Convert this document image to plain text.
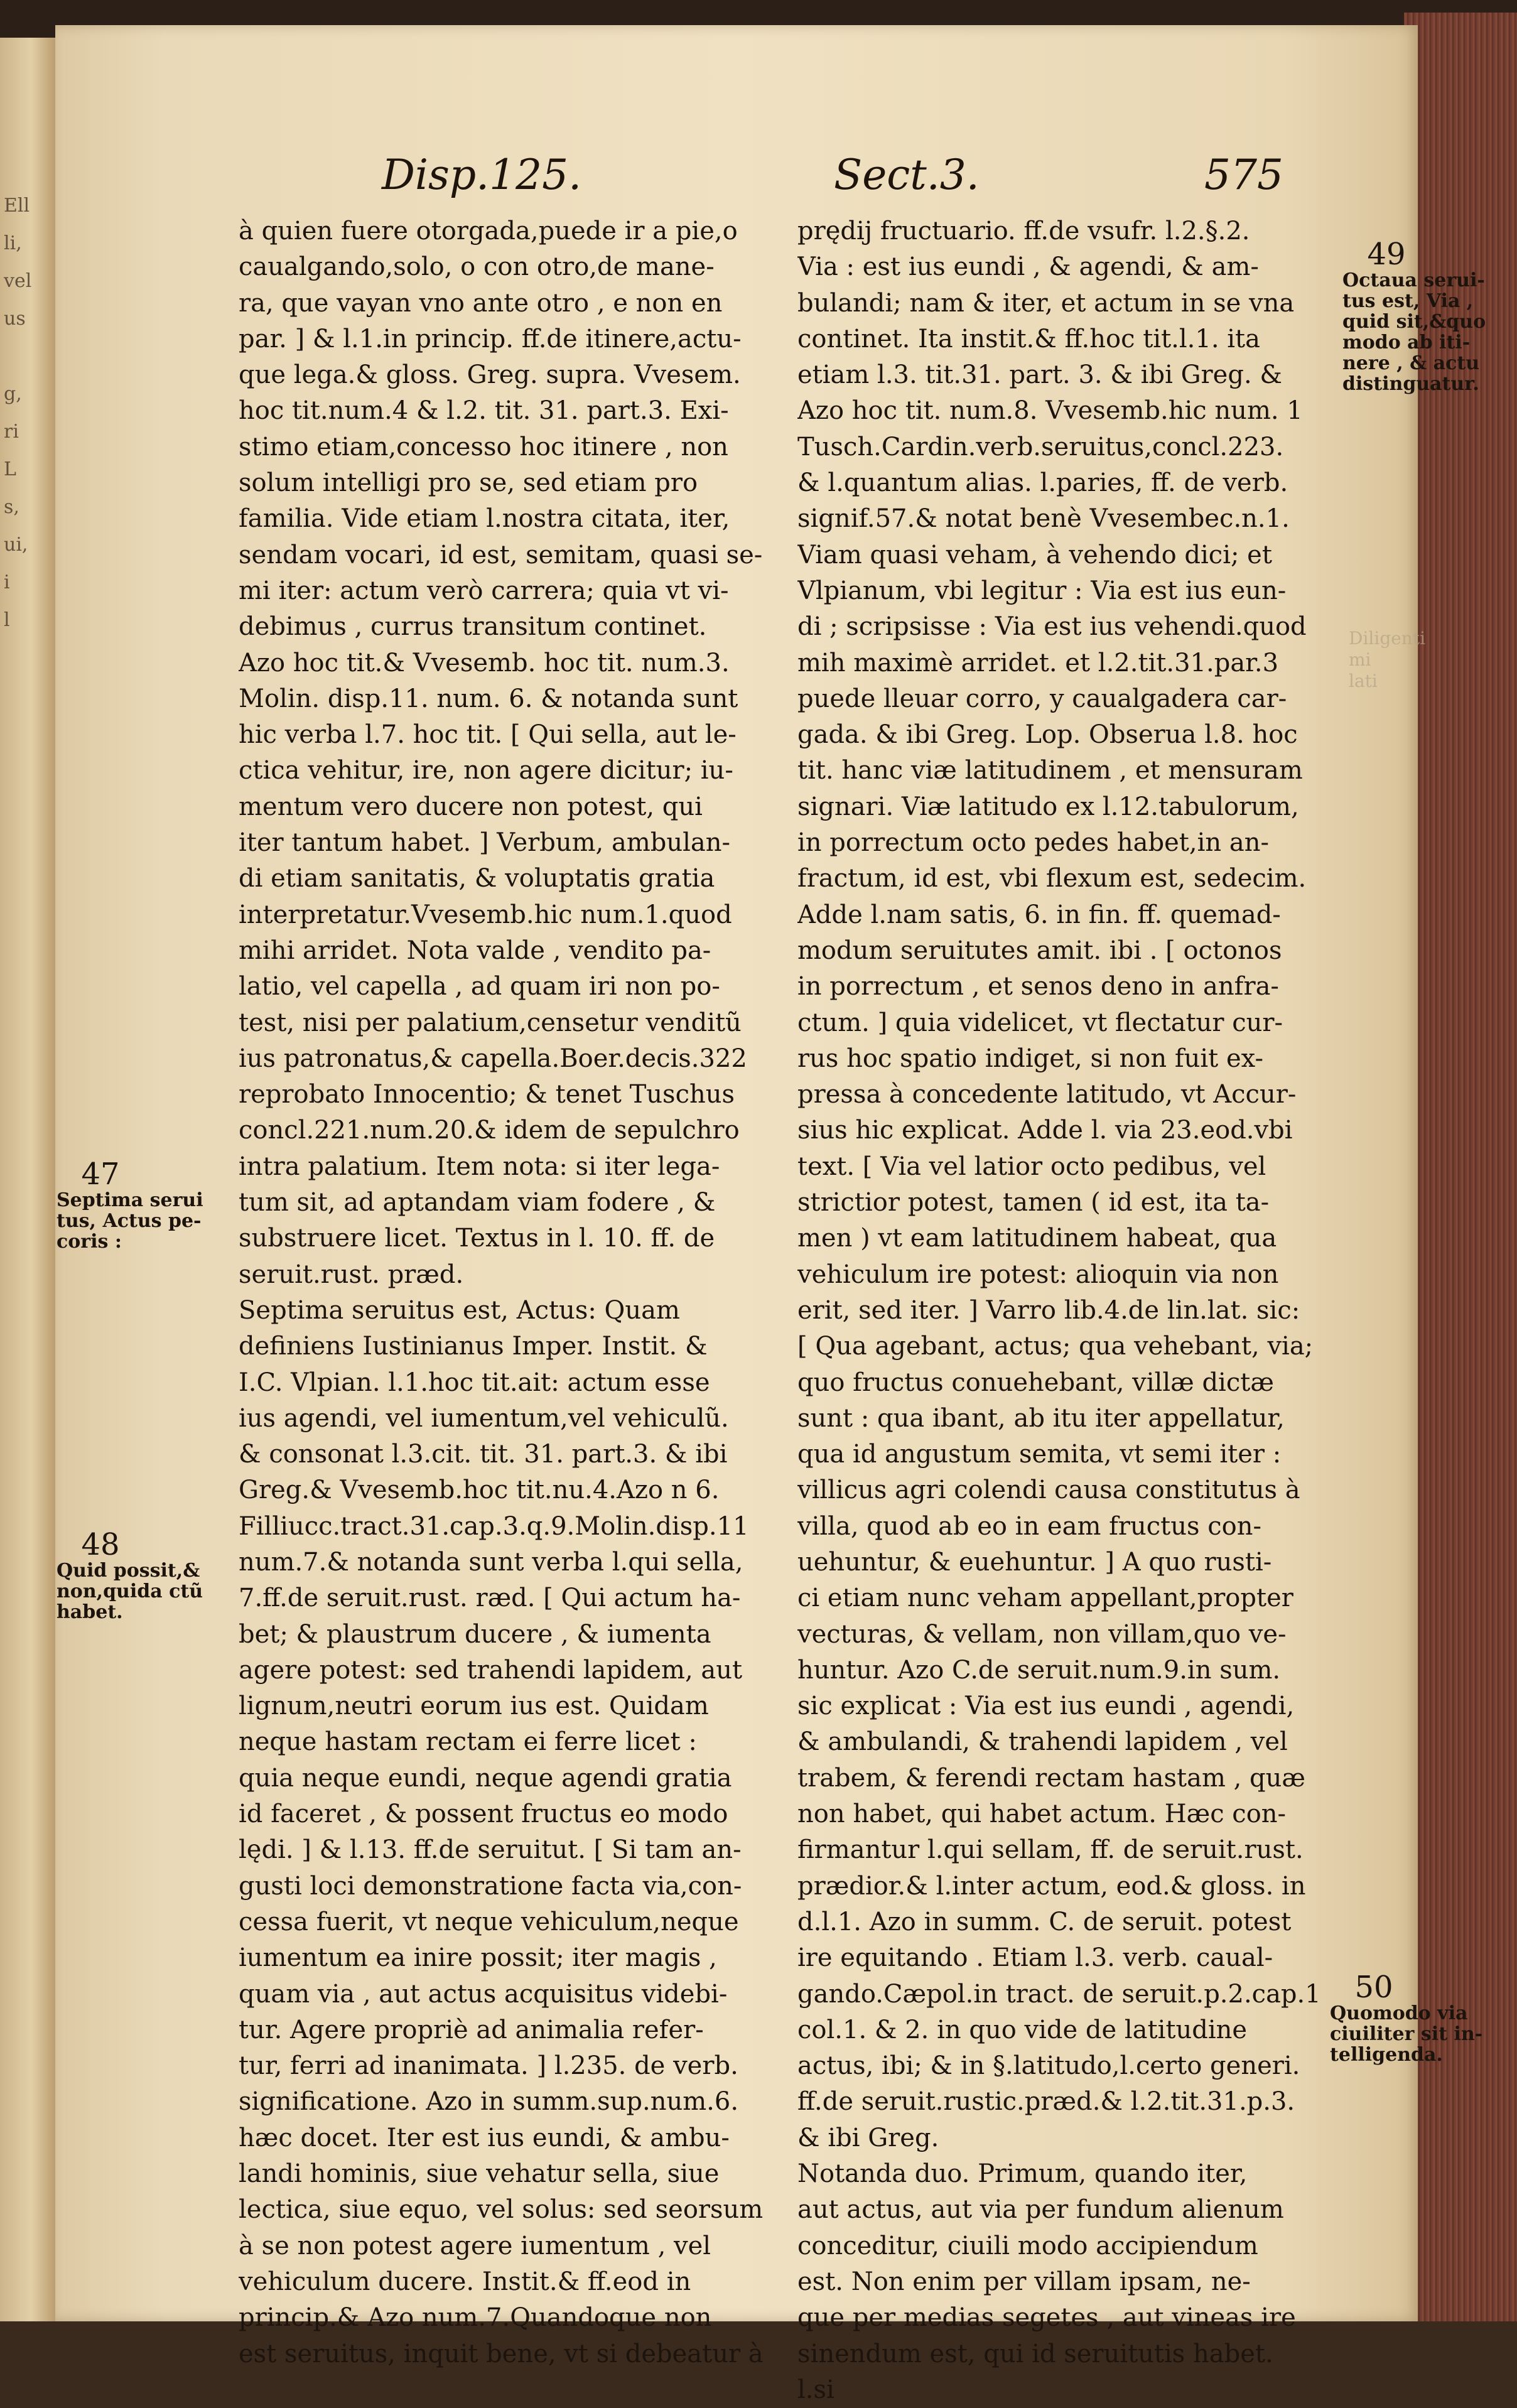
Ell
li,
vel
us
g,
ri
L
s,
ui,
i
l
Disp.125.	Sect.3.	575
à quien fuere otorgada,puede ir a pie,o
caualgando,solo, o con otro,de mane-
ra, que vayan vno ante otro , e non en
par. ] & l.1.in princip. ff.de itinere,actu-
que lega.& gloss. Greg. supra. Vvesem.
hoc tit.num.4 & l.2. tit. 31. part.3. Exi-
stimo etiam,concesso hoc itinere , non
solum intelligi pro se, sed etiam pro
familia. Vide etiam l.nostra citata, iter,
sendam vocari, id est, semitam, quasi se-
mi iter: actum verò carrera; quia vt vi-
debimus , currus transitum continet.
Azo hoc tit.& Vvesemb. hoc tit. num.3.
Molin. disp.11. num. 6. & notanda sunt
hic verba l.7. hoc tit. [ Qui sella, aut le-
ctica vehitur, ire, non agere dicitur; iu-
mentum vero ducere non potest, qui
iter tantum habet. ] Verbum, ambulan-
di etiam sanitatis, & voluptatis gratia
interpretatur.Vvesemb.hic num.1.quod
mihi arridet. Nota valde , vendito pa-
latio, vel capella , ad quam iri non po-
test, nisi per palatium,censetur venditũ
ius patronatus,& capella.Boer.decis.322
reprobato Innocentio; & tenet Tuschus
concl.221.num.20.& idem de sepulchro
intra palatium. Item nota: si iter lega-
tum sit, ad aptandam viam fodere , &
substruere licet. Textus in l. 10. ff. de
seruit.rust. præd.
Septima seruitus est, Actus: Quam
definiens Iustinianus Imper. Instit. &
I.C. Vlpian. l.1.hoc tit.ait: actum esse
ius agendi, vel iumentum,vel vehiculũ.
& consonat l.3.cit. tit. 31. part.3. & ibi
Greg.& Vvesemb.hoc tit.nu.4.Azo n 6.
Filliucc.tract.31.cap.3.q.9.Molin.disp.11
num.7.& notanda sunt verba l.qui sella,
7.ff.de seruit.rust. ræd. [ Qui actum ha-
bet; & plaustrum ducere , & iumenta
agere potest: sed trahendi lapidem, aut
lignum,neutri eorum ius est. Quidam
neque hastam rectam ei ferre licet :
quia neque eundi, neque agendi gratia
id faceret , & possent fructus eo modo
lędi. ] & l.13. ff.de seruitut. [ Si tam an-
gusti loci demonstratione facta via,con-
cessa fuerit, vt neque vehiculum,neque
iumentum ea inire possit; iter magis ,
quam via , aut actus acquisitus videbi-
tur. Agere propriè ad animalia refer-
tur, ferri ad inanimata. ] l.235. de verb.
significatione. Azo in summ.sup.num.6.
hæc docet. Iter est ius eundi, & ambu-
landi hominis, siue vehatur sella, siue
lectica, siue equo, vel solus: sed seorsum
à se non potest agere iumentum , vel
vehiculum ducere. Instit.& ff.eod in
princip.& Azo num.7.Quandoque non
est seruitus, inquit bene, vt si debeatur à
prędij fructuario. ff.de vsufr. l.2.§.2.
Via : est ius eundi , & agendi, & am-
bulandi; nam & iter, et actum in se vna
continet. Ita instit.& ff.hoc tit.l.1. ita
etiam l.3. tit.31. part. 3. & ibi Greg. &
Azo hoc tit. num.8. Vvesemb.hic num. 1
Tusch.Cardin.verb.seruitus,concl.223.
& l.quantum alias. l.paries, ff. de verb.
signif.57.& notat benè Vvesembec.n.1.
Viam quasi veham, à vehendo dici; et
Vlpianum, vbi legitur : Via est ius eun-
di ; scripsisse : Via est ius vehendi.quod
mih maximè arridet. et l.2.tit.31.par.3
puede lleuar corro, y caualgadera car-
gada. & ibi Greg. Lop. Obserua l.8. hoc
tit. hanc viæ latitudinem , et mensuram
signari. Viæ latitudo ex l.12.tabulorum,
in porrectum octo pedes habet,in an-
fractum, id est, vbi flexum est, sedecim.
Adde l.nam satis, 6. in fin. ff. quemad-
modum seruitutes amit. ibi . [ octonos
in porrectum , et senos deno in anfra-
ctum. ] quia videlicet, vt flectatur cur-
rus hoc spatio indiget, si non fuit ex-
pressa à concedente latitudo, vt Accur-
sius hic explicat. Adde l. via 23.eod.vbi
text. [ Via vel latior octo pedibus, vel
strictior potest, tamen ( id est, ita ta-
men ) vt eam latitudinem habeat, qua
vehiculum ire potest: alioquin via non
erit, sed iter. ] Varro lib.4.de lin.lat. sic:
[ Qua agebant, actus; qua vehebant, via;
quo fructus conuehebant, villæ dictæ
sunt : qua ibant, ab itu iter appellatur,
qua id angustum semita, vt semi iter :
villicus agri colendi causa constitutus à
villa, quod ab eo in eam fructus con-
uehuntur, & euehuntur. ] A quo rusti-
ci etiam nunc veham appellant,propter
vecturas, & vellam, non villam,quo ve-
huntur. Azo C.de seruit.num.9.in sum.
sic explicat : Via est ius eundi , agendi,
& ambulandi, & trahendi lapidem , vel
trabem, & ferendi rectam hastam , quæ
non habet, qui habet actum. Hæc con-
firmantur l.qui sellam, ff. de seruit.rust.
prædior.& l.inter actum, eod.& gloss. in
d.l.1. Azo in summ. C. de seruit. potest
ire equitando . Etiam l.3. verb. caual-
gando.Cæpol.in tract. de seruit.p.2.cap.1
col.1. & 2. in quo vide de latitudine
actus, ibi; & in §.latitudo,l.certo generi.
ff.de seruit.rustic.præd.& l.2.tit.31.p.3.
& ibi Greg.
Notanda duo. Primum, quando iter,
aut actus, aut via per fundum alienum
conceditur, ciuili modo accipiendum
est. Non enim per villam ipsam, ne-
que per medias segetes , aut vineas ire
sinendum est, qui id seruitutis habet.
l.si
47
Septima serui
tus, Actus pe-
coris :
48
Quid possit,&
non,quida ctũ
habet.
49
Octaua serui-
tus est, Via ,
quid sit,&quo
modo ab iti-
nere , & actu
distinguatur.
50
Quomodo via
ciuiliter sit in-
telligenda.
Diligenti
mi
lati
